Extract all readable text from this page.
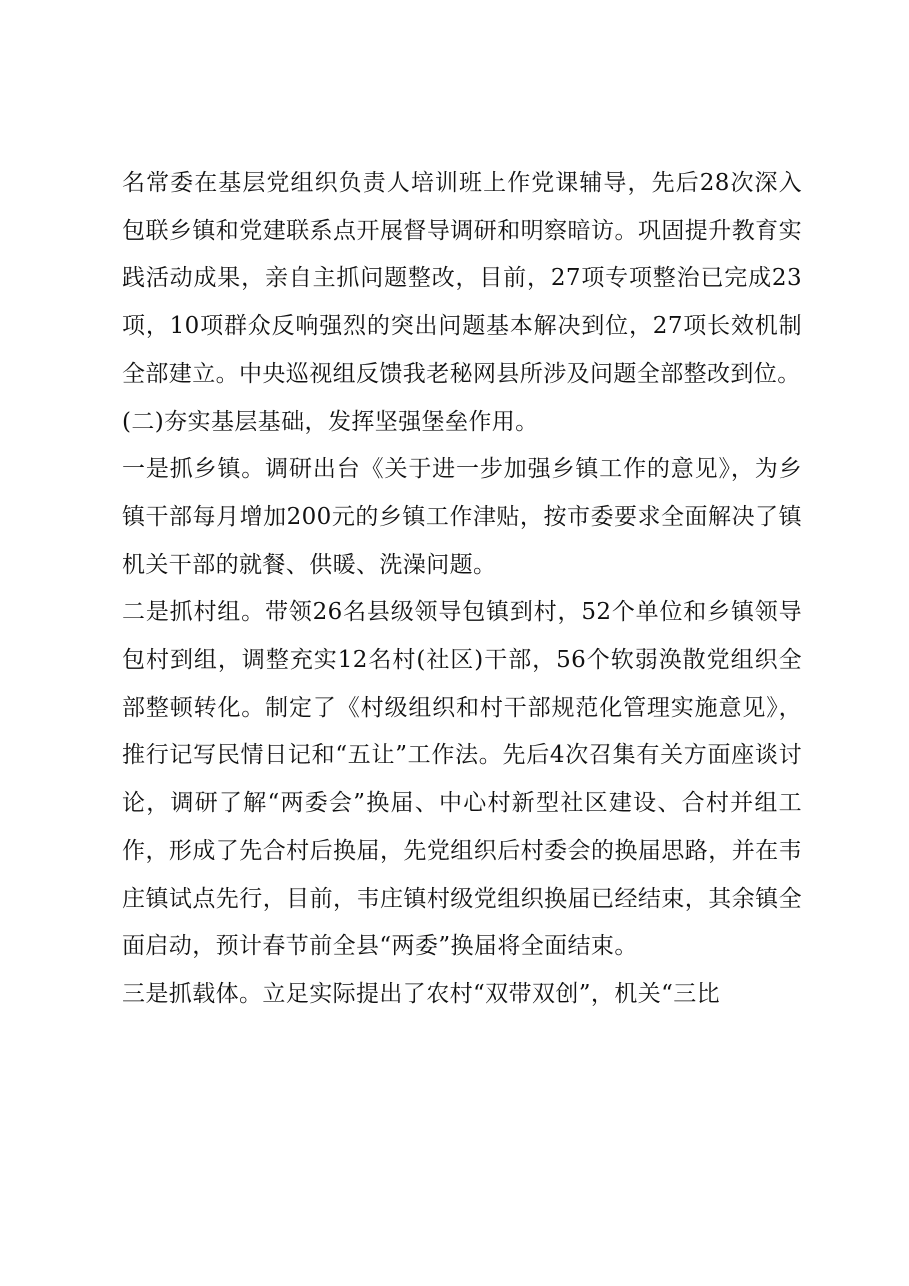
名常委在基层党组织负责人培训班上作党课辅导，先后28次深入包联乡镇和党建联系点开展督导调研和明察暗访。巩固提升教育实践活动成果，亲自主抓问题整改，目前，27项专项整治已完成23项，10项群众反响强烈的突出问题基本解决到位，27项长效机制全部建立。中央巡视组反馈我老秘网县所涉及问题全部整改到位。

(二)夯实基层基础，发挥坚强堡垒作用。

一是抓乡镇。调研出台《关于进一步加强乡镇工作的意见》，为乡镇干部每月增加200元的乡镇工作津贴，按市委要求全面解决了镇机关干部的就餐、供暖、洗澡问题。

二是抓村组。带领26名县级领导包镇到村，52个单位和乡镇领导包村到组，调整充实12名村(社区)干部，56个软弱涣散党组织全部整顿转化。制定了《村级组织和村干部规范化管理实施意见》，推行记写民情日记和“五让”工作法。先后4次召集有关方面座谈讨论，调研了解“两委会”换届、中心村新型社区建设、合村并组工作，形成了先合村后换届，先党组织后村委会的换届思路，并在韦庄镇试点先行，目前，韦庄镇村级党组织换届已经结束，其余镇全面启动，预计春节前全县“两委”换届将全面结束。

三是抓载体。立足实际提出了农村“双带双创”，机关“三比
